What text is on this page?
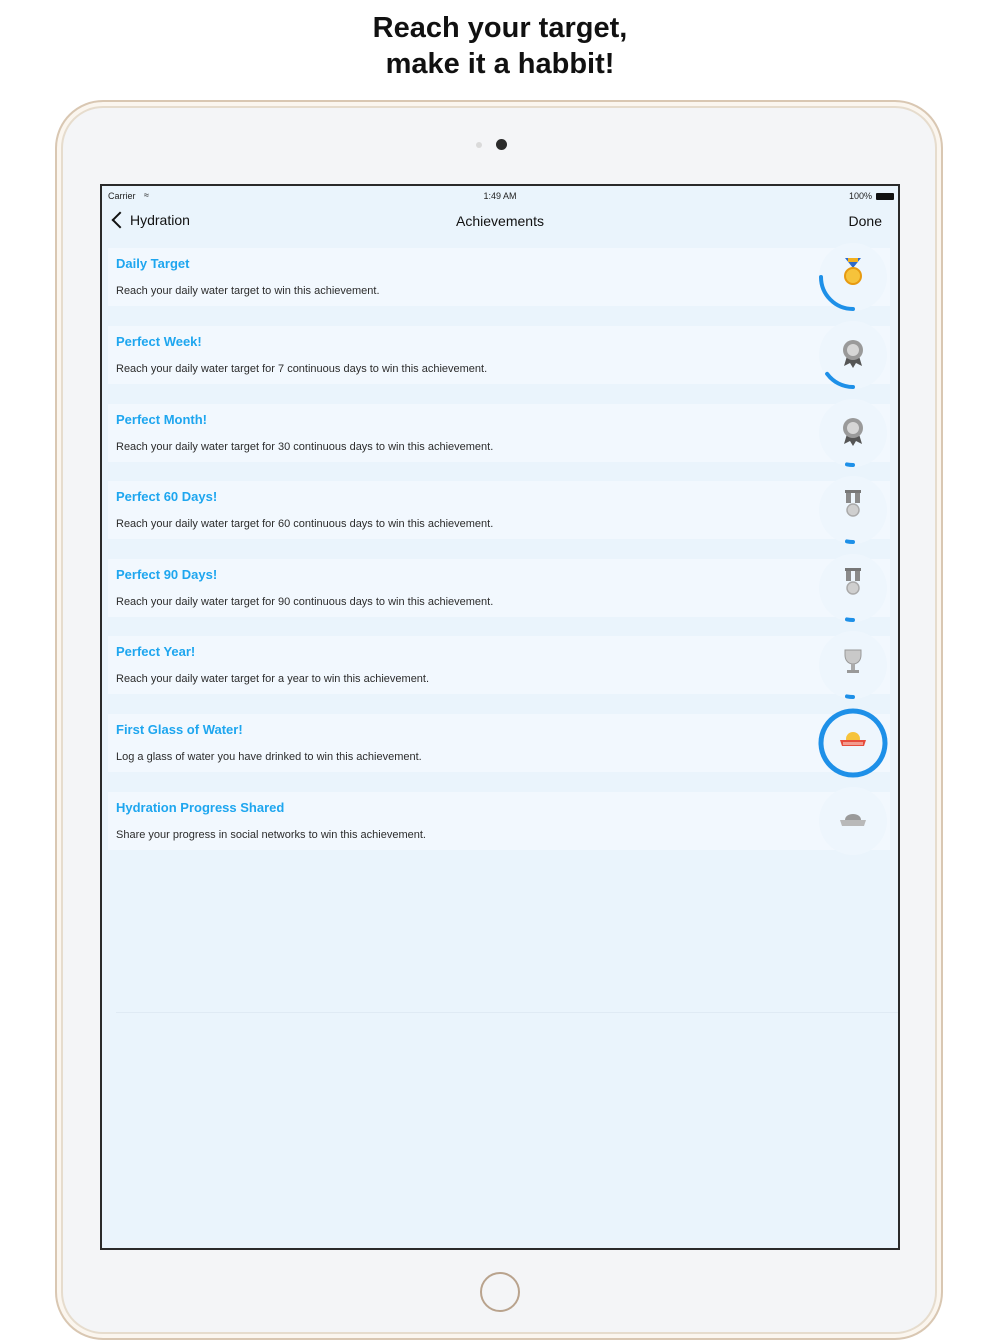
Reach your target,
make it a habbit!
Carrier ≈	1:49 AM	100%
Hydration	Achievements	Done
Daily Target
Reach your daily water target to win this achievement.
Perfect Week!
Reach your daily water target for 7 continuous days to win this achievement.
Perfect Month!
Reach your daily water target for 30 continuous days to win this achievement.
Perfect 60 Days!
Reach your daily water target for 60 continuous days to win this achievement.
Perfect 90 Days!
Reach your daily water target for 90 continuous days to win this achievement.
Perfect Year!
Reach your daily water target for a year to win this achievement.
First Glass of Water!
Log a glass of water you have drinked to win this achievement.
Hydration Progress Shared
Share your progress in social networks to win this achievement.
